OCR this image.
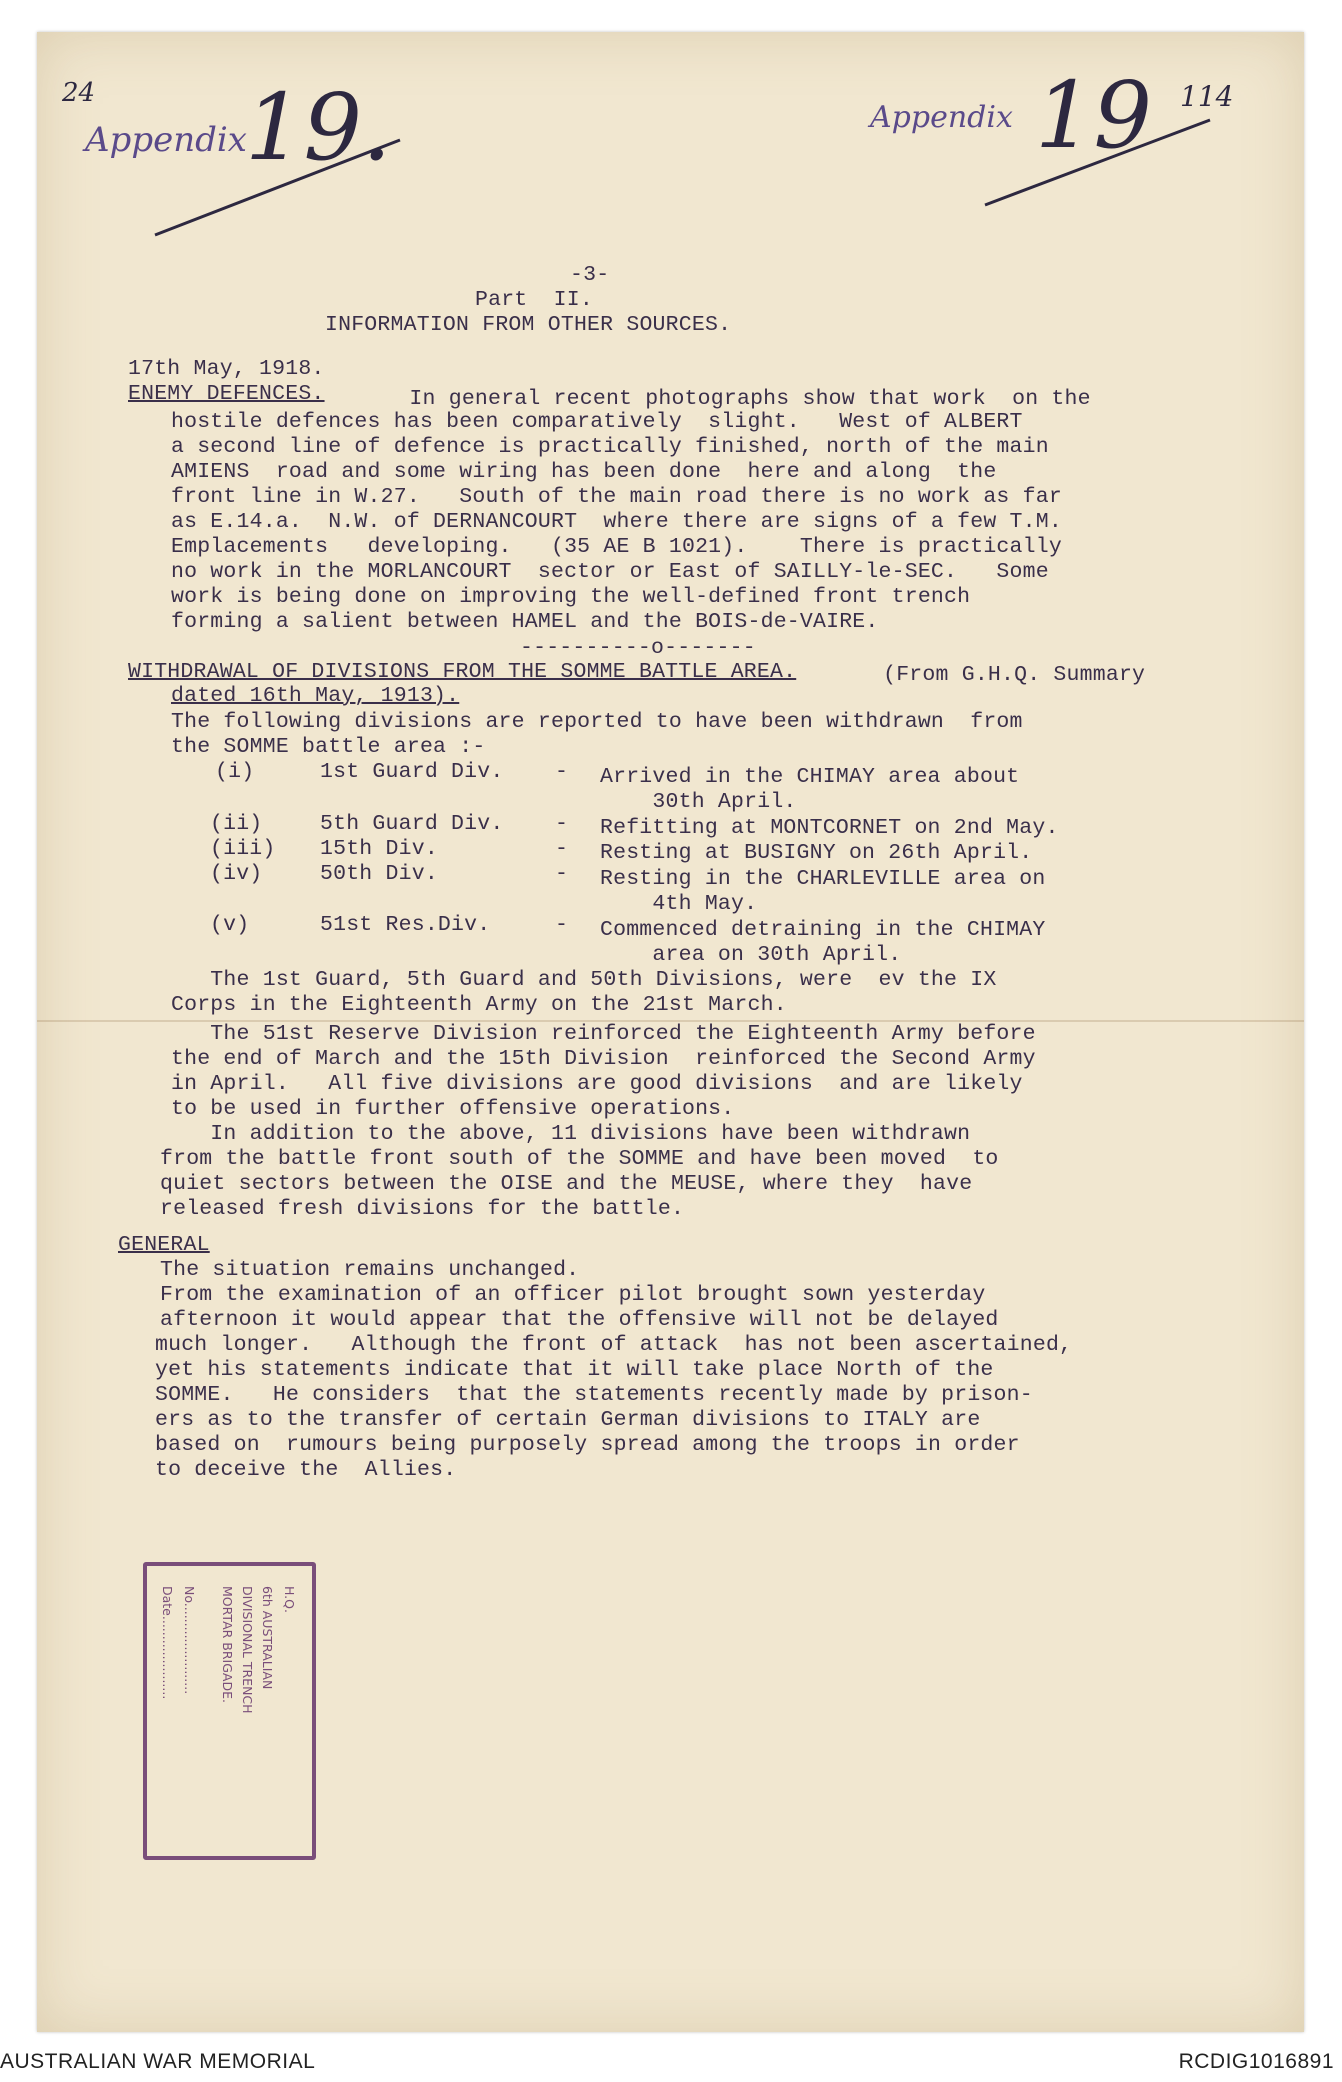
24
Appendix
19.	Appendix 19 114
-3-
Part  II.
INFORMATION FROM OTHER SOURCES.
17th May, 1918.
ENEMY DEFENCES. In general recent photographs show that work  on the
hostile defences has been comparatively  slight.   West of ALBERT
a second line of defence is practically finished, north of the main
AMIENS  road and some wiring has been done  here and along  the
front line in W.27.   South of the main road there is no work as far
as E.14.a.  N.W. of DERNANCOURT  where there are signs of a few T.M.
Emplacements   developing.   (35 AE B 1021).    There is practically
no work in the MORLANCOURT  sector or East of SAILLY-le-SEC.   Some
work is being done on improving the well-defined front trench
forming a salient between HAMEL and the BOIS-de-VAIRE.
----------o-------
WITHDRAWAL OF DIVISIONS FROM THE SOMME BATTLE AREA.	(From G.H.Q. Summary
dated 16th May, 1913).
The following divisions are reported to have been withdrawn  from
the SOMME battle area :-
(i)	1st Guard Div. - Arrived in the CHIMAY area about
30th April.
(ii)	5th Guard Div. - Refitting at MONTCORNET on 2nd May.
(iii) 15th Div.	- Resting at BUSIGNY on 26th April.
(iv)	50th Div.	- Resting in the CHARLEVILLE area on
4th May.
(v)	51st Res.Div.	- Commenced detraining in the CHIMAY
area on 30th April.
The 1st Guard, 5th Guard and 50th Divisions, were  ev the IX
Corps in the Eighteenth Army on the 21st March.
The 51st Reserve Division reinforced the Eighteenth Army before
the end of March and the 15th Division  reinforced the Second Army
in April.   All five divisions are good divisions  and are likely
to be used in further offensive operations.
In addition to the above, 11 divisions have been withdrawn
from the battle front south of the SOMME and have been moved  to
quiet sectors between the OISE and the MEUSE, where they  have
released fresh divisions for the battle.
GENERAL
The situation remains unchanged.
From the examination of an officer pilot brought sown yesterday
afternoon it would appear that the offensive will not be delayed
much longer.   Although the front of attack  has not been ascertained,
yet his statements indicate that it will take place North of the
SOMME.   He considers  that the statements recently made by prison-
ers as to the transfer of certain German divisions to ITALY are
based on  rumours being purposely spread among the troops in order
to deceive the  Allies.
H.Q.
6th AUSTRALIAN
DIVISIONAL TRENCH
MORTAR BRIGADE.
No.......................
Date.....................
AUSTRALIAN WAR MEMORIAL	RCDIG1016891
